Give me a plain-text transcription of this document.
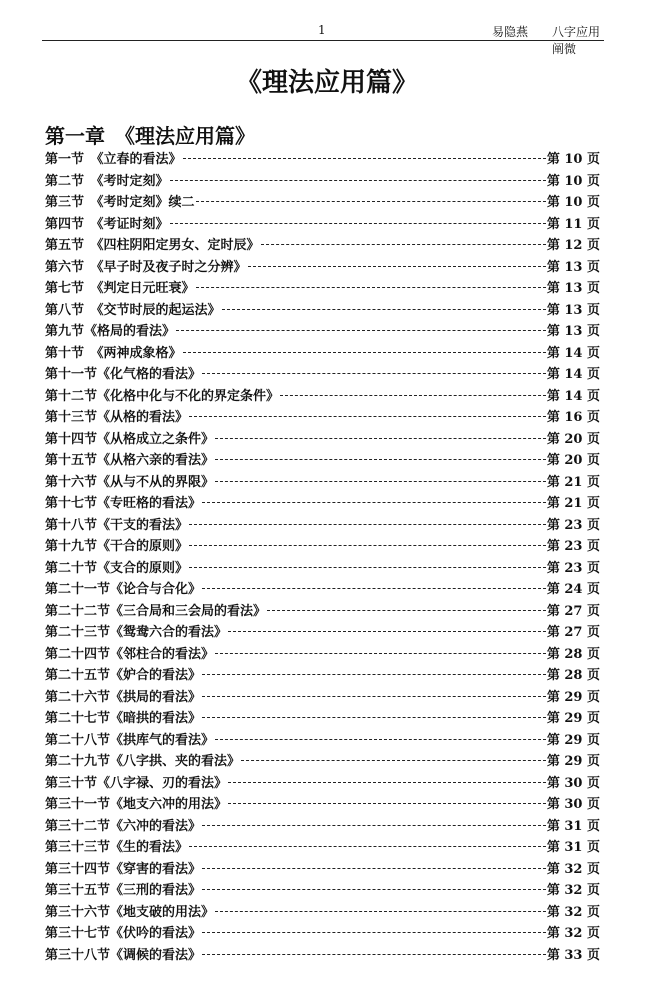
1	易隐燕 八字应用阐微
《理法应用篇》
第一章　《理法应用篇》
第一节　《立春的看法》	第 10 页
第二节　《考时定刻》	第 10 页
第三节　《考时定刻》续二	第 10 页
第四节　《考证时刻》	第 11 页
第五节　《四柱阴阳定男女、定时辰》	第 12 页
第六节　《早子时及夜子时之分辨》	第 13 页
第七节　《判定日元旺衰》	第 13 页
第八节　《交节时辰的起运法》	第 13 页
第九节《格局的看法》	第 13 页
第十节　《两神成象格》	第 14 页
第十一节《化气格的看法》	第 14 页
第十二节《化格中化与不化的界定条件》	第 14 页
第十三节《从格的看法》	第 16 页
第十四节《从格成立之条件》	第 20 页
第十五节《从格六亲的看法》	第 20 页
第十六节《从与不从的界限》	第 21 页
第十七节《专旺格的看法》	第 21 页
第十八节《干支的看法》	第 23 页
第十九节《干合的原则》	第 23 页
第二十节《支合的原则》	第 23 页
第二十一节《论合与合化》	第 24 页
第二十二节《三合局和三会局的看法》	第 27 页
第二十三节《鸳鸯六合的看法》	第 27 页
第二十四节《邻柱合的看法》	第 28 页
第二十五节《妒合的看法》	第 28 页
第二十六节《拱局的看法》	第 29 页
第二十七节《暗拱的看法》	第 29 页
第二十八节《拱库气的看法》	第 29 页
第二十九节《八字拱、夹的看法》	第 29 页
第三十节《八字禄、刃的看法》	第 30 页
第三十一节《地支六冲的用法》	第 30 页
第三十二节《六冲的看法》	第 31 页
第三十三节《生的看法》	第 31 页
第三十四节《穿害的看法》	第 32 页
第三十五节《三刑的看法》	第 32 页
第三十六节《地支破的用法》	第 32 页
第三十七节《伏吟的看法》	第 32 页
第三十八节《调候的看法》	第 33 页
